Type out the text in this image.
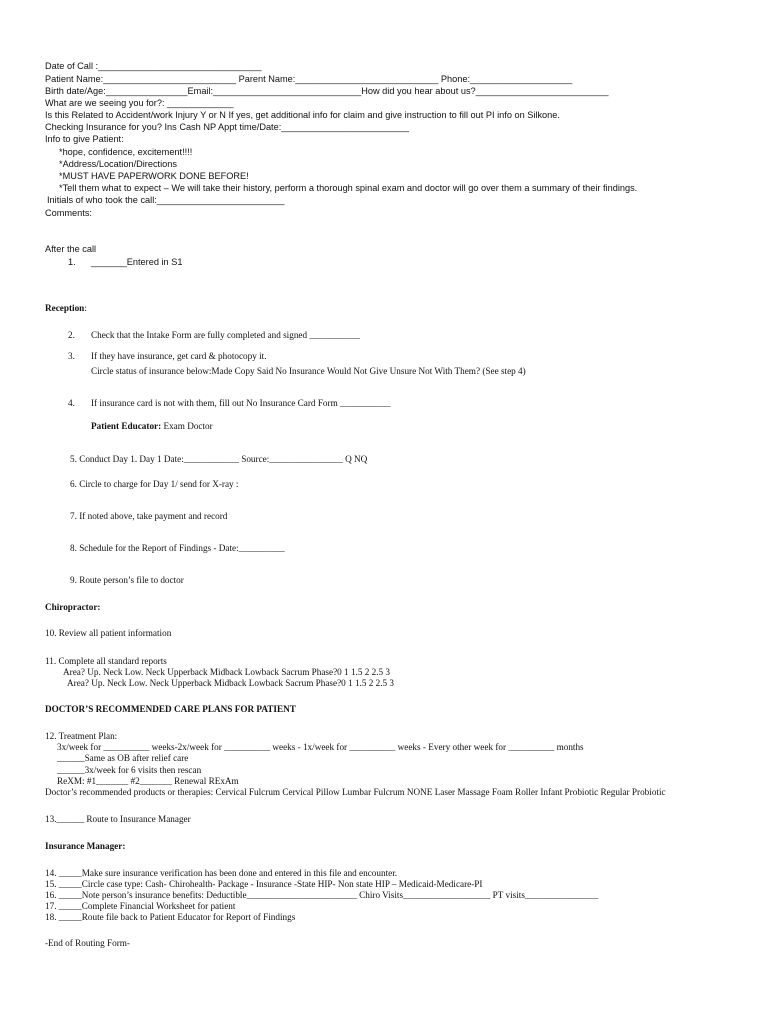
Date of Call :________________________________
Patient Name:__________________________ Parent Name:____________________________ Phone:____________________
Birth date/Age:________________Email:_____________________________How did you hear about us?__________________________
What are we seeing you for?: _____________
Is this Related to Accident/work Injury Y or N If yes, get additional info for claim and give instruction to fill out PI info on Silkone.
Checking Insurance for you? Ins Cash NP Appt time/Date:_________________________
Info to give Patient:
*hope, confidence, excitement!!!!
*Address/Location/Directions
*MUST HAVE PAPERWORK DONE BEFORE!
*Tell them what to expect – We will take their history, perform a thorough spinal exam and doctor will go over them a summary of their findings.
Initials of who took the call:_________________________
Comments:
After the call
1. _______Entered in S1
Reception:
2. Check that the Intake Form are fully completed and signed ___________
3. If they have insurance, get card & photocopy it.
Circle status of insurance below:Made Copy Said No Insurance Would Not Give Unsure Not With Them? (See step 4)
4. If insurance card is not with them, fill out No Insurance Card Form ___________
Patient Educator: Exam Doctor
5. Conduct Day 1. Day 1 Date:____________ Source:________________ Q NQ
6. Circle to charge for Day 1/ send for X-ray :
7. If noted above, take payment and record
8. Schedule for the Report of Findings - Date:__________
9. Route person’s file to doctor
Chiropractor:
10. Review all patient information
11. Complete all standard reports
Area? Up. Neck Low. Neck Upperback Midback Lowback Sacrum Phase?0 1 1.5 2 2.5 3
Area? Up. Neck Low. Neck Upperback Midback Lowback Sacrum Phase?0 1 1.5 2 2.5 3
DOCTOR’S RECOMMENDED CARE PLANS FOR PATIENT
12. Treatment Plan:
3x/week for __________ weeks-2x/week for __________ weeks - 1x/week for __________ weeks - Every other week for __________ months
______Same as OB after relief care
______3x/week for 6 visits then rescan
ReXM: #1_______ #2_______ Renewal RExAm
Doctor’s recommended products or therapies: Cervical Fulcrum Cervical Pillow Lumbar Fulcrum NONE Laser Massage Foam Roller Infant Probiotic Regular Probiotic
13.______ Route to Insurance Manager
Insurance Manager:
14. _____Make sure insurance verification has been done and entered in this file and encounter.
15. _____Circle case type: Cash- Chirohealth- Package - Insurance -State HIP- Non state HIP – Medicaid-Medicare-PI
16. _____Note person’s insurance benefits: Deductible________________________ Chiro Visits___________________ PT visits________________
17. _____Complete Financial Worksheet for patient
18. _____Route file back to Patient Educator for Report of Findings
-End of Routing Form-
